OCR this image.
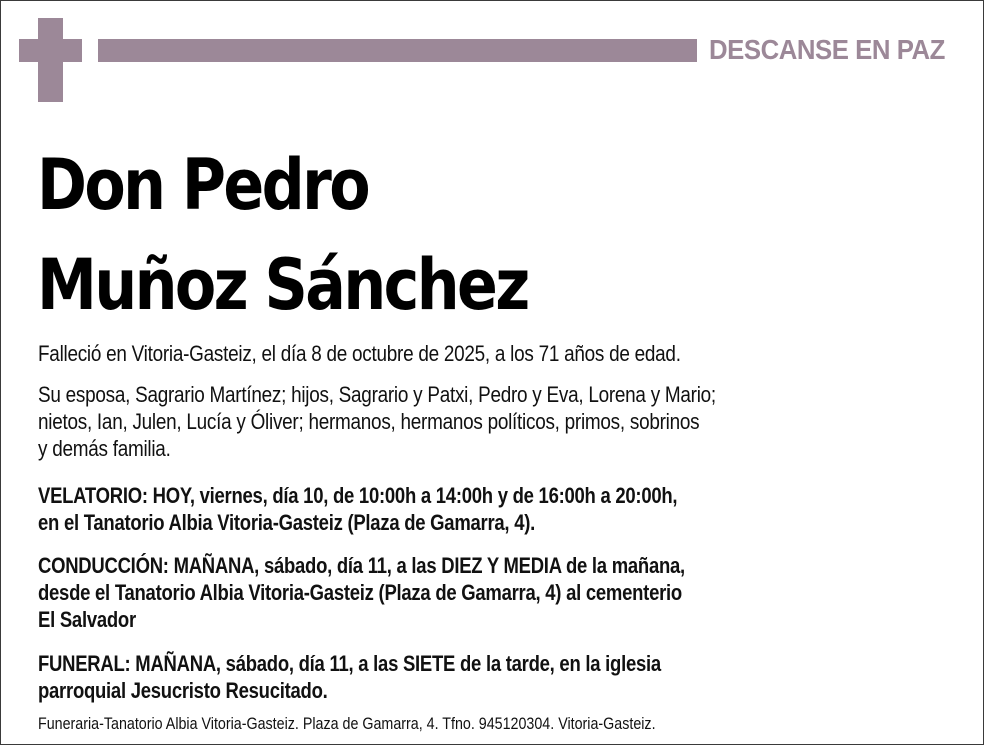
DESCANSE EN PAZ
Don Pedro
Muñoz Sánchez
Falleció en Vitoria-Gasteiz, el día 8 de octubre de 2025, a los 71 años de edad.
Su esposa, Sagrario Martínez; hijos, Sagrario y Patxi, Pedro y Eva, Lorena y Mario;
nietos, Ian, Julen, Lucía y Óliver; hermanos, hermanos políticos, primos, sobrinos
y demás familia.
VELATORIO: HOY, viernes, día 10, de 10:00h a 14:00h y de 16:00h a 20:00h,
en el Tanatorio Albia Vitoria-Gasteiz (Plaza de Gamarra, 4).
CONDUCCIÓN: MAÑANA, sábado, día 11, a las DIEZ Y MEDIA de la mañana,
desde el Tanatorio Albia Vitoria-Gasteiz (Plaza de Gamarra, 4) al cementerio
El Salvador
FUNERAL: MAÑANA, sábado, día 11, a las SIETE de la tarde, en la iglesia
parroquial Jesucristo Resucitado.
Funeraria-Tanatorio Albia Vitoria-Gasteiz. Plaza de Gamarra, 4. Tfno. 945120304. Vitoria-Gasteiz.
